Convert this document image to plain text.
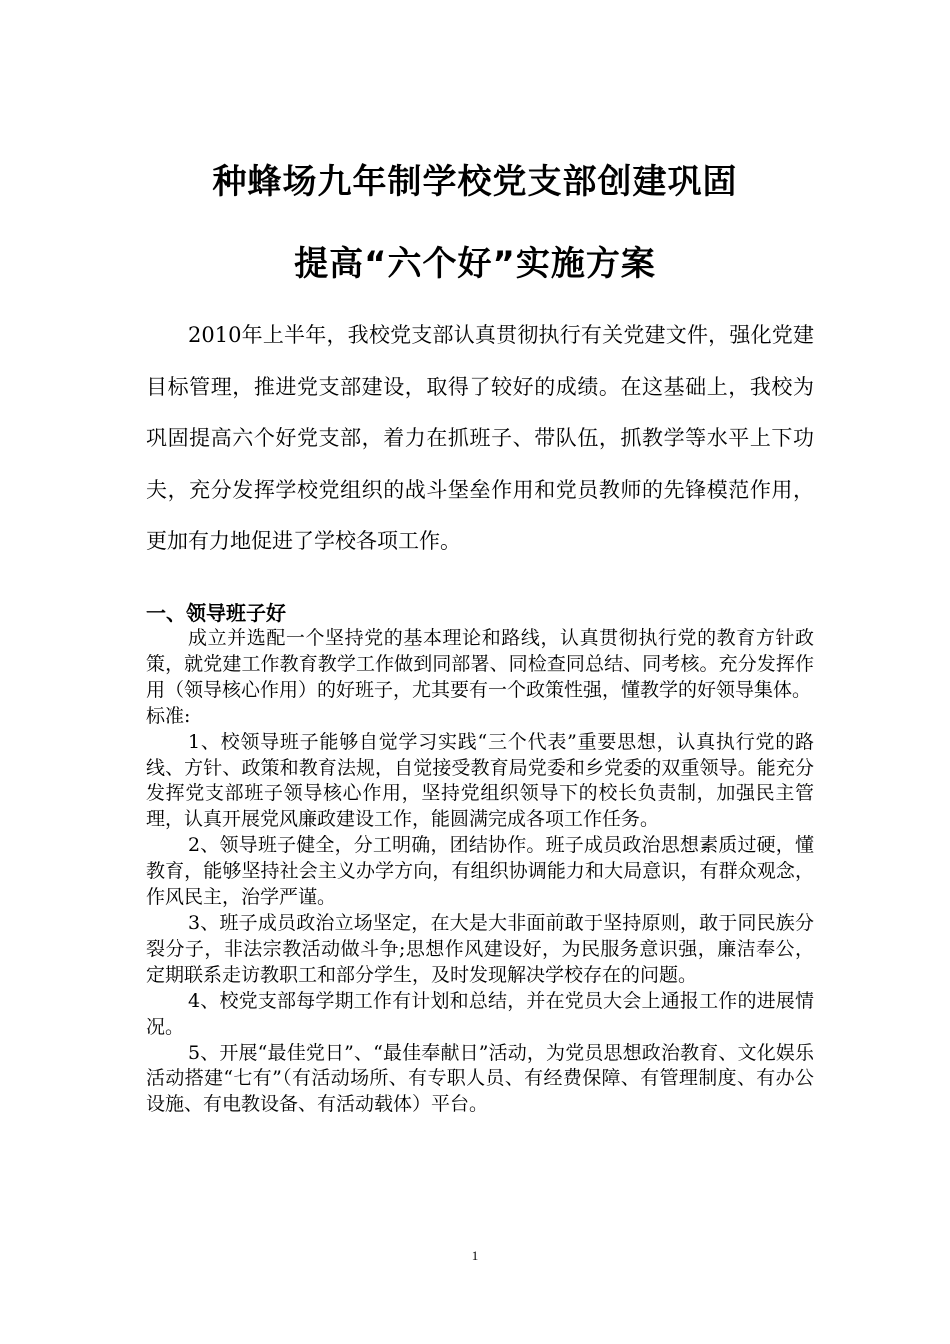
种蜂场九年制学校党支部创建巩固
提高“六个好”实施方案

2010年上半年，我校党支部认真贯彻执行有关党建文件，强化党建目标管理，推进党支部建设，取得了较好的成绩。在这基础上，我校为巩固提高六个好党支部，着力在抓班子、带队伍，抓教学等水平上下功夫，充分发挥学校党组织的战斗堡垒作用和党员教师的先锋模范作用，更加有力地促进了学校各项工作。

一、领导班子好

成立并选配一个坚持党的基本理论和路线，认真贯彻执行党的教育方针政策，就党建工作教育教学工作做到同部署、同检查同总结、同考核。充分发挥作用（领导核心作用）的好班子，尤其要有一个政策性强，懂教学的好领导集体。

标准:

1、校领导班子能够自觉学习实践“三个代表”重要思想，认真执行党的路线、方针、政策和教育法规，自觉接受教育局党委和乡党委的双重领导。能充分发挥党支部班子领导核心作用，坚持党组织领导下的校长负责制，加强民主管理，认真开展党风廉政建设工作，能圆满完成各项工作任务。

2、领导班子健全，分工明确，团结协作。班子成员政治思想素质过硬，懂教育，能够坚持社会主义办学方向，有组织协调能力和大局意识，有群众观念，作风民主，治学严谨。

3、班子成员政治立场坚定，在大是大非面前敢于坚持原则，敢于同民族分裂分子，非法宗教活动做斗争;思想作风建设好，为民服务意识强，廉洁奉公，定期联系走访教职工和部分学生，及时发现解决学校存在的问题。

4、校党支部每学期工作有计划和总结，并在党员大会上通报工作的进展情况。

5、开展“最佳党日”、“最佳奉献日”活动，为党员思想政治教育、文化娱乐活动搭建“七有”（有活动场所、有专职人员、有经费保障、有管理制度、有办公设施、有电教设备、有活动载体）平台。

1
